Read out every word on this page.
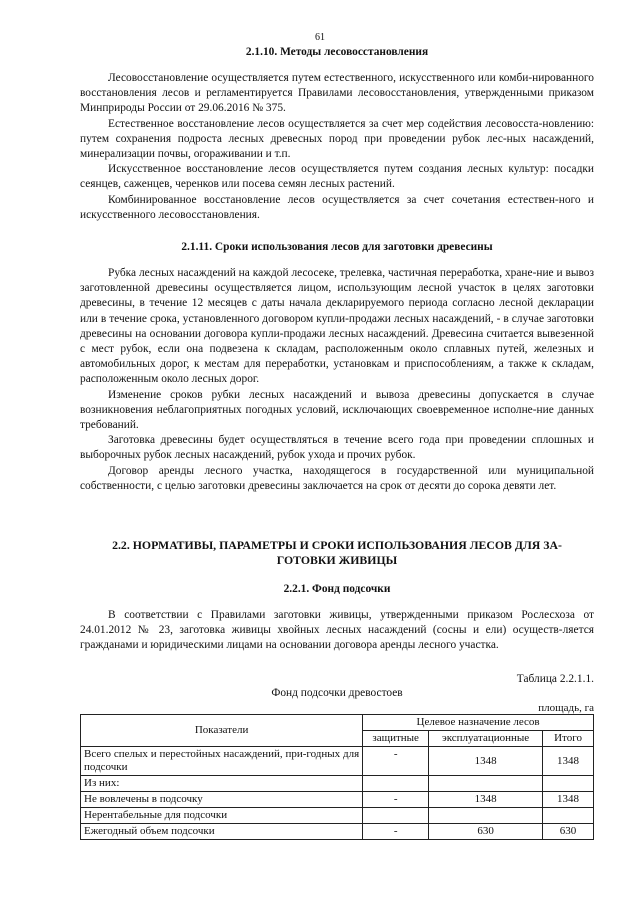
61
2.1.10. Методы лесовосстановления

Лесовосстановление осуществляется путем естественного, искусственного или комби-нированного восстановления лесов и регламентируется Правилами лесовосстановления, утвержденными приказом Минприроды России от 29.06.2016 № 375.

Естественное восстановление лесов осуществляется за счет мер содействия лесовосста-новлению: путем сохранения подроста лесных древесных пород при проведении рубок лес-ных насаждений, минерализации почвы, огораживании и т.п.

Искусственное восстановление лесов осуществляется путем создания лесных культур: посадки сеянцев, саженцев, черенков или посева семян лесных растений.

Комбинированное восстановление лесов осуществляется за счет сочетания естествен-ного и искусственного лесовосстановления.

2.1.11. Сроки использования лесов для заготовки древесины

Рубка лесных насаждений на каждой лесосеке, трелевка, частичная переработка, хране-ние и вывоз заготовленной древесины осуществляется лицом, использующим лесной участок в целях заготовки древесины, в течение 12 месяцев с даты начала декларируемого периода согласно лесной декларации или в течение срока, установленного договором купли-продажи лесных насаждений, - в случае заготовки древесины на основании договора купли-продажи лесных насаждений. Древесина считается вывезенной с мест рубок, если она подвезена к складам, расположенным около сплавных путей, железных и автомобильных дорог, к местам для переработки, установкам и приспособлениям, а также к складам, расположенным около лесных дорог.

Изменение сроков рубки лесных насаждений и вывоза древесины допускается в случае возникновения неблагоприятных погодных условий, исключающих своевременное исполне-ние данных требований.

Заготовка древесины будет осуществляться в течение всего года при проведении сплошных и выборочных рубок лесных насаждений, рубок ухода и прочих рубок.

Договор аренды лесного участка, находящегося в государственной или муниципальной собственности, с целью заготовки древесины заключается на срок от десяти до сорока девяти лет.

2.2. НОРМАТИВЫ, ПАРАМЕТРЫ И СРОКИ ИСПОЛЬЗОВАНИЯ ЛЕСОВ ДЛЯ ЗА-
ГОТОВКИ ЖИВИЦЫ
2.2.1. Фонд подсочки

В соответствии с Правилами заготовки живицы, утвержденными приказом Рослесхоза от 24.01.2012 № 23, заготовка живицы хвойных лесных насаждений (сосны и ели) осуществ-ляется гражданами и юридическими лицами на основании договора аренды лесного участка.

Таблица 2.2.1.1.
Фонд подсочки древостоев
площадь, га
Показатели	Целевое назначение лесов		
	защитные	эксплуатационные	Итого
Всего спелых и перестойных насаждений, при-годных для подсочки	-	1348	1348
Из них:			
Не вовлечены в подсочку	-	1348	1348
Нерентабельные для подсочки			
Ежегодный объем подсочки	-	630	630
